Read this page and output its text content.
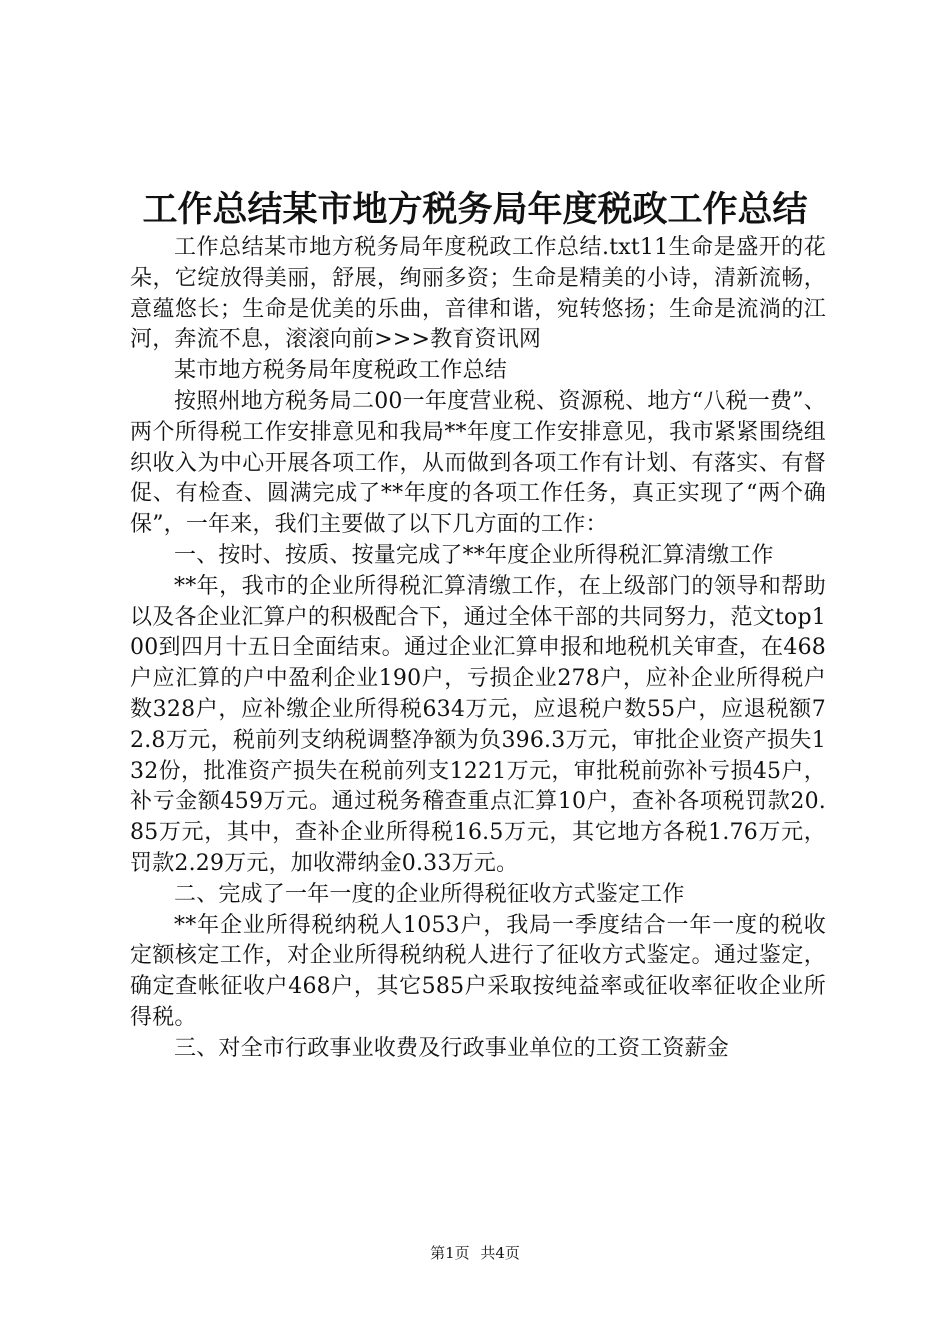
工作总结某市地方税务局年度税政工作总结

工作总结某市地方税务局年度税政工作总结.txt11生命是盛开的花朵，它绽放得美丽，舒展，绚丽多资；生命是精美的小诗，清新流畅，意蕴悠长；生命是优美的乐曲，音律和谐，宛转悠扬；生命是流淌的江河，奔流不息，滚滚向前>>>教育资讯网

某市地方税务局年度税政工作总结

按照州地方税务局二00一年度营业税、资源税、地方“八税一费”、两个所得税工作安排意见和我局**年度工作安排意见，我市紧紧围绕组织收入为中心开展各项工作，从而做到各项工作有计划、有落实、有督促、有检查、圆满完成了**年度的各项工作任务，真正实现了“两个确保”，一年来，我们主要做了以下几方面的工作：

一、按时、按质、按量完成了**年度企业所得税汇算清缴工作

**年，我市的企业所得税汇算清缴工作，在上级部门的领导和帮助以及各企业汇算户的积极配合下，通过全体干部的共同努力，范文top100到四月十五日全面结束。通过企业汇算申报和地税机关审查，在468户应汇算的户中盈利企业190户，亏损企业278户，应补企业所得税户数328户，应补缴企业所得税634万元，应退税户数55户，应退税额72.8万元，税前列支纳税调整净额为负396.3万元，审批企业资产损失132份，批准资产损失在税前列支1221万元，审批税前弥补亏损45户，补亏金额459万元。通过税务稽查重点汇算10户，查补各项税罚款20.85万元，其中，查补企业所得税16.5万元，其它地方各税1.76万元，罚款2.29万元，加收滞纳金0.33万元。

二、完成了一年一度的企业所得税征收方式鉴定工作

**年企业所得税纳税人1053户，我局一季度结合一年一度的税收定额核定工作，对企业所得税纳税人进行了征收方式鉴定。通过鉴定，确定查帐征收户468户，其它585户采取按纯益率或征收率征收企业所得税。

三、对全市行政事业收费及行政事业单位的工资工资薪金

第1页 共4页
